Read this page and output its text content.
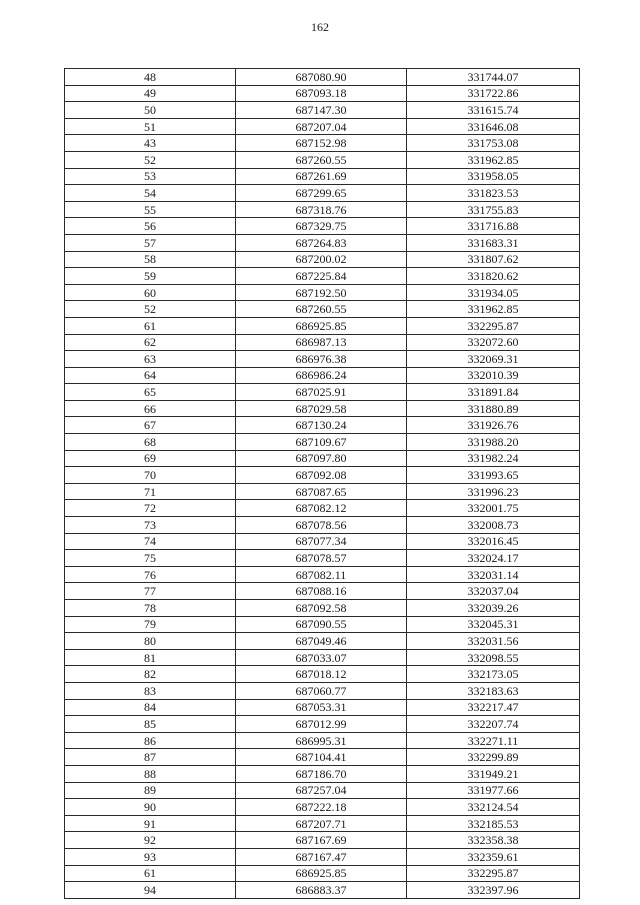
162
48	687080.90	331744.07
49	687093.18	331722.86
50	687147.30	331615.74
51	687207.04	331646.08
43	687152.98	331753.08
52	687260.55	331962.85
53	687261.69	331958.05
54	687299.65	331823.53
55	687318.76	331755.83
56	687329.75	331716.88
57	687264.83	331683.31
58	687200.02	331807.62
59	687225.84	331820.62
60	687192.50	331934.05
52	687260.55	331962.85
61	686925.85	332295.87
62	686987.13	332072.60
63	686976.38	332069.31
64	686986.24	332010.39
65	687025.91	331891.84
66	687029.58	331880.89
67	687130.24	331926.76
68	687109.67	331988.20
69	687097.80	331982.24
70	687092.08	331993.65
71	687087.65	331996.23
72	687082.12	332001.75
73	687078.56	332008.73
74	687077.34	332016.45
75	687078.57	332024.17
76	687082.11	332031.14
77	687088.16	332037.04
78	687092.58	332039.26
79	687090.55	332045.31
80	687049.46	332031.56
81	687033.07	332098.55
82	687018.12	332173.05
83	687060.77	332183.63
84	687053.31	332217.47
85	687012.99	332207.74
86	686995.31	332271.11
87	687104.41	332299.89
88	687186.70	331949.21
89	687257.04	331977.66
90	687222.18	332124.54
91	687207.71	332185.53
92	687167.69	332358.38
93	687167.47	332359.61
61	686925.85	332295.87
94	686883.37	332397.96
